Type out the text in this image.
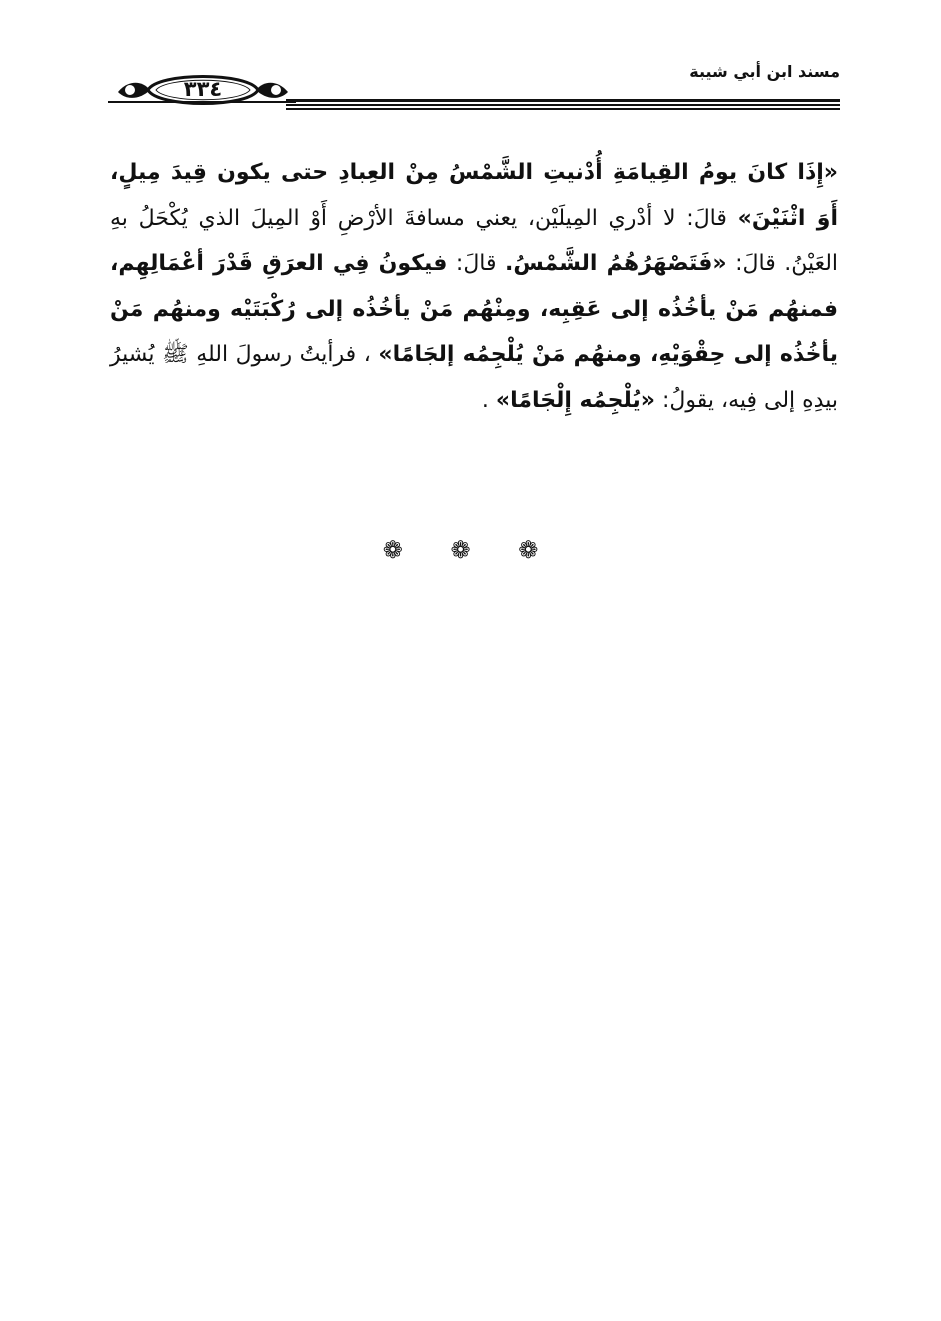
مسند ابن أبي شيبة
٣٣٤

«إِذَا كانَ يومُ القِيامَةِ أُدْنيتِ الشَّمْسُ مِنْ العِبادِ حتى يكون قِيدَ مِيلٍ، أَوَ اثْنَيْنَ» قالَ: لا أدْري المِيلَيْن، يعني مسافةَ الأرْضِ أَوْ المِيلَ الذي يُكْحَلُ بهِ العَيْنُ. قالَ: «فَتَصْهَرُهُمُ الشَّمْسُ. قالَ: فيكونُ فِي العرَقِ قَدْرَ أعْمَالِهِم، فمنهُم مَنْ يأخُذُه إلى عَقِبِه، ومِنْهُم مَنْ يأخُذُه إلى رُكْبَتَيْه ومنهُم مَنْ يأخُذُه إلى حِقْوَيْهِ، ومنهُم مَنْ يُلْجِمُه إلجَامًا» ، فرأيتُ رسولَ اللهِ ﷺ يُشيرُ بيدِهِ إلى فِيه، يقولُ: «يُلْجِمُه إِلْجَامًا» .

❁ ❁ ❁
